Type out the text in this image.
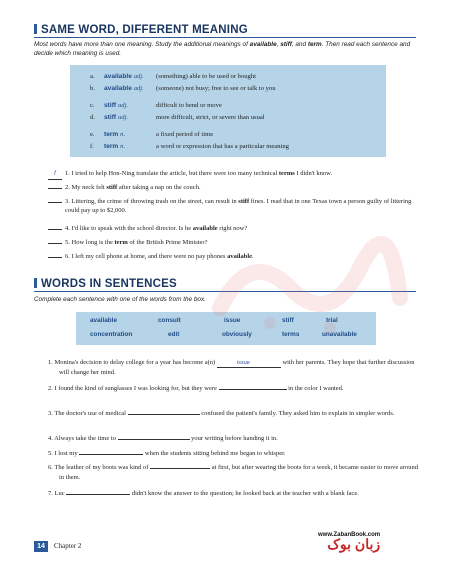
SAME WORD, DIFFERENT MEANING
Most words have more than one meaning. Study the additional meanings of available, stiff, and term. Then read each sentence and decide which meaning is used.
a.	available adj. (something) able to be used or bought
b.	available adj. (someone) not busy; free to see or talk to you
c.	stiff adj.	difficult to bend or move
d.	stiff adj.	more difficult, strict, or severe than usual
e.	term n.	a fixed period of time
f.	term n.	a word or expression that has a particular meaning
f 1. I tried to help Hon-Ning translate the article, but there were too many technical terms I didn't know.
2. My neck felt stiff after taking a nap on the couch.
3. Littering, the crime of throwing trash on the street, can result in stiff fines. I read that in one Texas town a person guilty of littering could pay up to $2,000.
4. I'd like to speak with the school director. Is he available right now?
5. How long is the term of the British Prime Minister?
6. I left my cell phone at home, and there were no pay phones available.
WORDS IN SENTENCES
Complete each sentence with one of the words from the box.
available	consult	issue	stiff	trial
concentration	edit	obviously	terms	unavailable
1. Monina's decision to delay college for a year has become a(n)	issue	with her parents. They hope that further discussion will change her mind.
2. I found the kind of sunglasses I was looking for, but they were	in the color I wanted.
3. The doctor's use of medical	confused the patient's family. They asked him to explain in simpler words.
4. Always take the time to	your writing before handing it in.
5. I lost my	when the students sitting behind me began to whisper.
6. The leather of my boots was kind of	at first, but after wearing the boots for a week, it became easier to move around in them.
7. Luc	didn't know the answer to the question; he looked back at the teacher with a blank face.
14	Chapter 2
www.ZabanBook.com
زبان بوک
